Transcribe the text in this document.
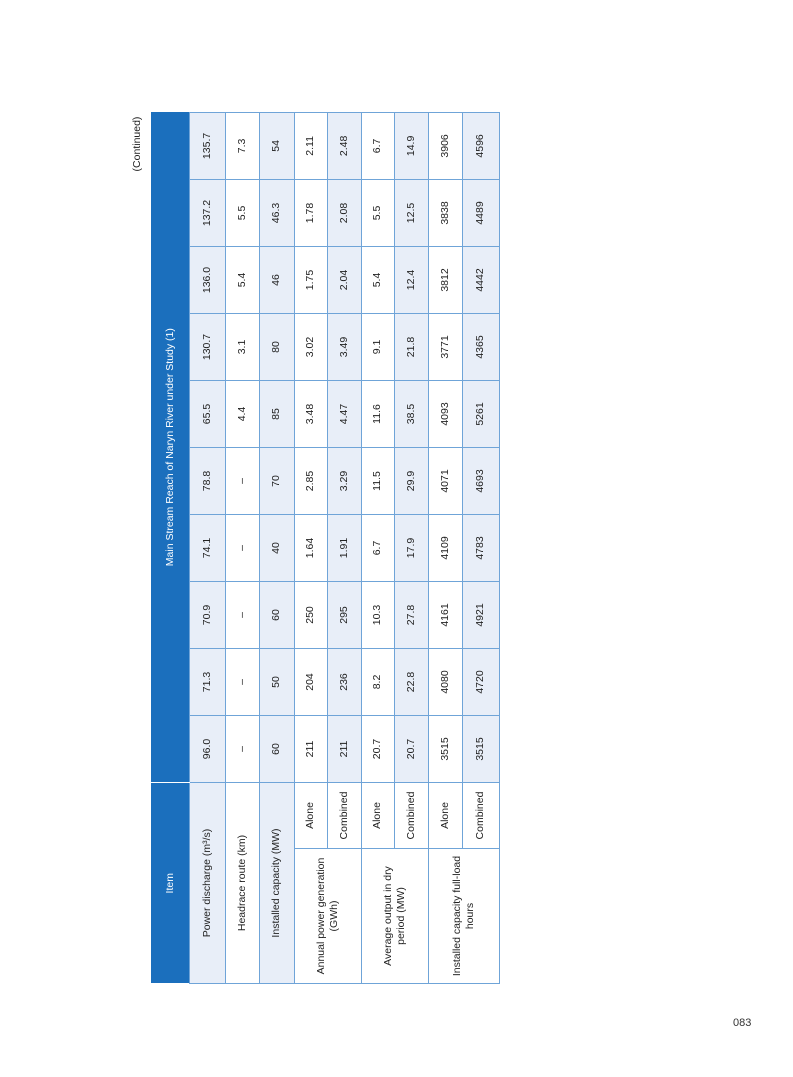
(Continued)
Item		Main Stream Reach of Naryn River under Study (1)									
Power discharge (m³/s)		96.0	71.3	70.9	74.1	78.8	65.5	130.7	136.0	137.2	135.7
Headrace route (km)		–	–	–	–	–	4.4	3.1	5.4	5.5	7.3
Installed capacity (MW)		60	50	60	40	70	85	80	46	46.3	54
Annual power generation (GWh)	Alone	211	204	250	1.64	2.85	3.48	3.02	1.75	1.78	2.11
	Combined	211	236	295	1.91	3.29	4.47	3.49	2.04	2.08	2.48
Average output in dry period (MW)	Alone	20.7	8.2	10.3	6.7	11.5	11.6	9.1	5.4	5.5	6.7
	Combined	20.7	22.8	27.8	17.9	29.9	38.5	21.8	12.4	12.5	14.9
Installed capacity full-load hours	Alone	3515	4080	4161	4109	4071	4093	3771	3812	3838	3906
	Combined	3515	4720	4921	4783	4693	5261	4365	4442	4489	4596
083
